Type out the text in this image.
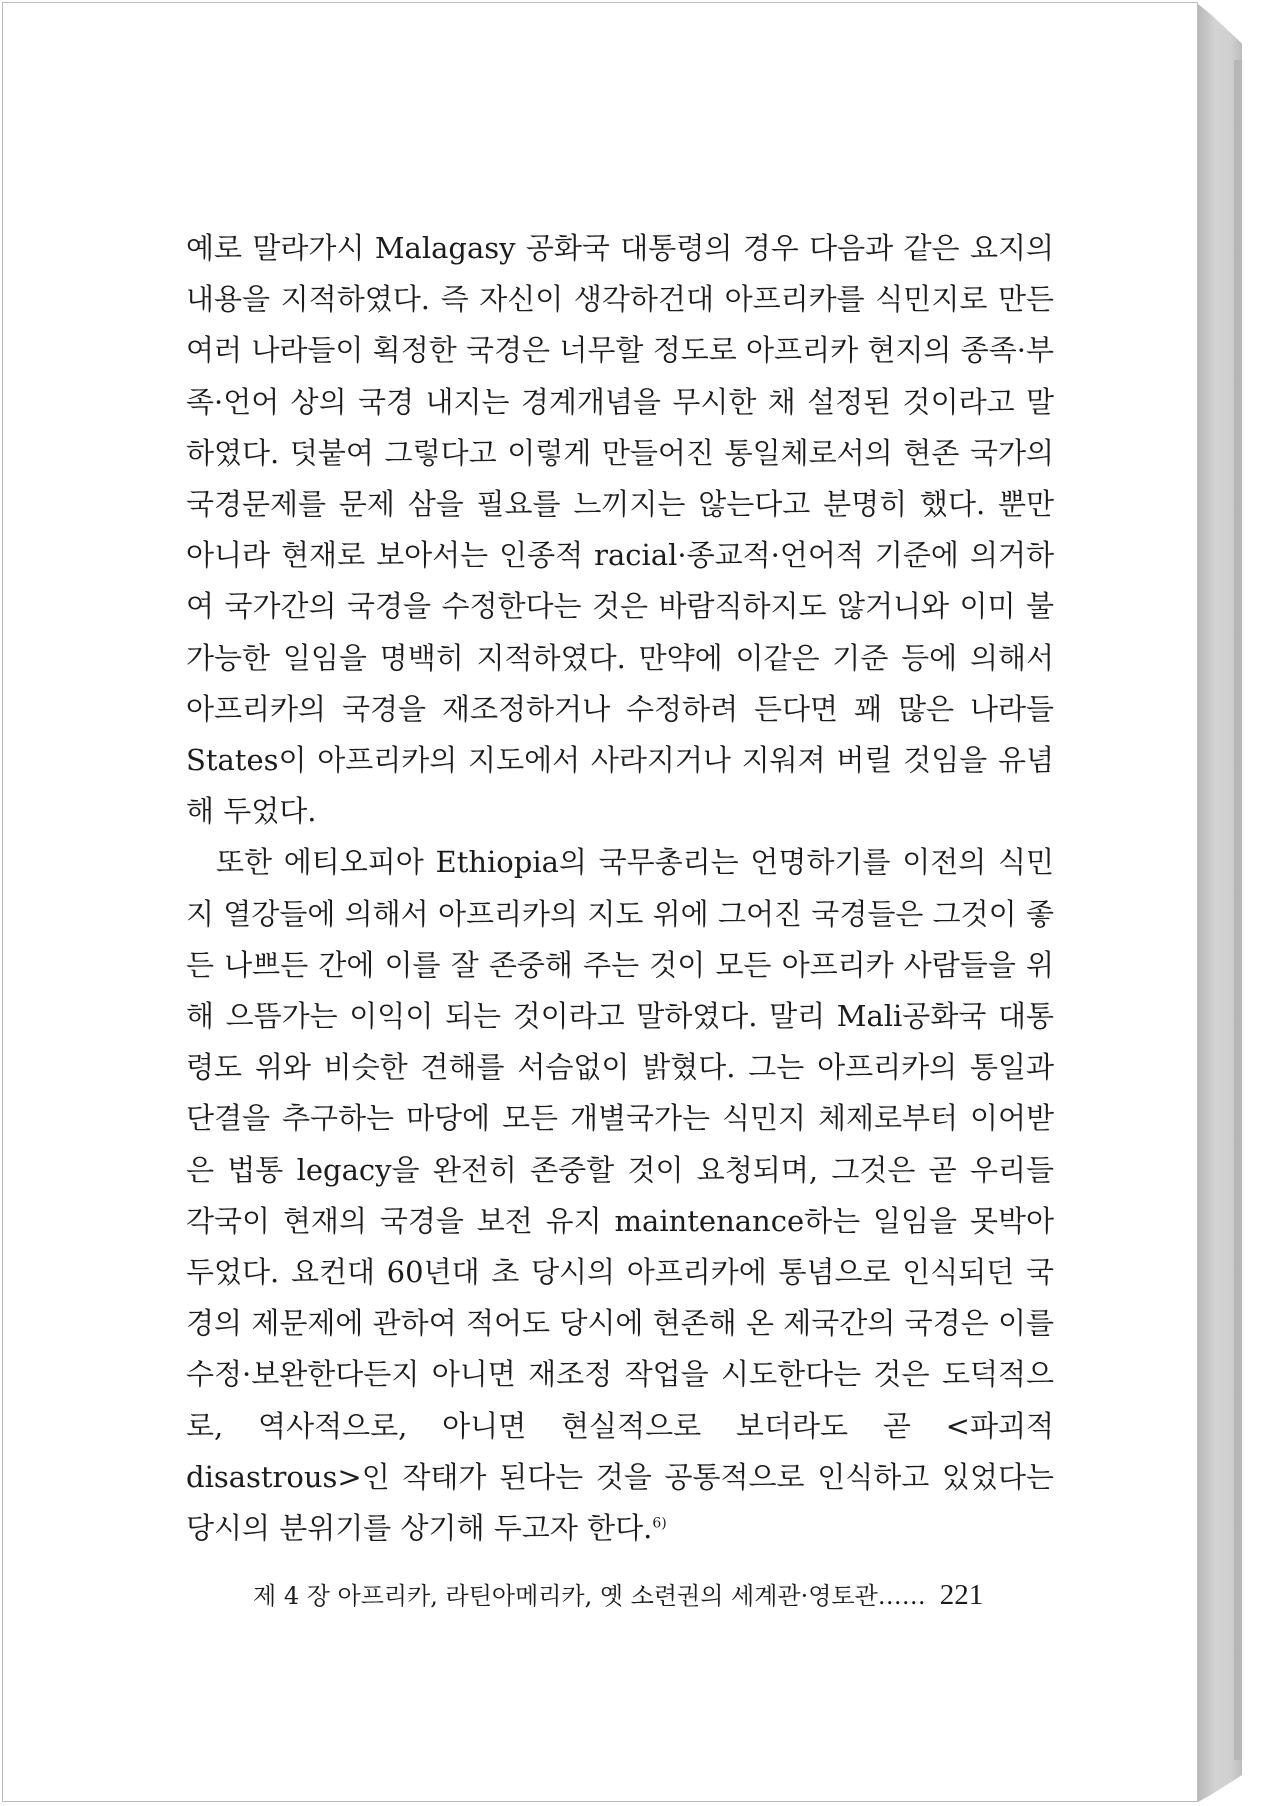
예로 말라가시 Malagasy 공화국 대통령의 경우 다음과 같은 요지의 내용을 지적하였다. 즉 자신이 생각하건대 아프리카를 식민지로 만든 여러 나라들이 획정한 국경은 너무할 정도로 아프리카 현지의 종족·부족·언어 상의 국경 내지는 경계개념을 무시한 채 설정된 것이라고 말하였다. 덧붙여 그렇다고 이렇게 만들어진 통일체로서의 현존 국가의 국경문제를 문제 삼을 필요를 느끼지는 않는다고 분명히 했다. 뿐만 아니라 현재로 보아서는 인종적 racial·종교적·언어적 기준에 의거하여 국가간의 국경을 수정한다는 것은 바람직하지도 않거니와 이미 불가능한 일임을 명백히 지적하였다. 만약에 이같은 기준 등에 의해서 아프리카의 국경을 재조정하거나 수정하려 든다면 꽤 많은 나라들 States이 아프리카의 지도에서 사라지거나 지워져 버릴 것임을 유념해 두었다.

또한 에티오피아 Ethiopia의 국무총리는 언명하기를 이전의 식민지 열강들에 의해서 아프리카의 지도 위에 그어진 국경들은 그것이 좋든 나쁘든 간에 이를 잘 존중해 주는 것이 모든 아프리카 사람들을 위해 으뜸가는 이익이 되는 것이라고 말하였다. 말리 Mali공화국 대통령도 위와 비슷한 견해를 서슴없이 밝혔다. 그는 아프리카의 통일과 단결을 추구하는 마당에 모든 개별국가는 식민지 체제로부터 이어받은 법통 legacy을 완전히 존중할 것이 요청되며, 그것은 곧 우리들 각국이 현재의 국경을 보전 유지 maintenance하는 일임을 못박아 두었다. 요컨대 60년대 초 당시의 아프리카에 통념으로 인식되던 국경의 제문제에 관하여 적어도 당시에 현존해 온 제국간의 국경은 이를 수정·보완한다든지 아니면 재조정 작업을 시도한다는 것은 도덕적으로, 역사적으로, 아니면 현실적으로 보더라도 곧 <파괴적 disastrous>인 작태가 된다는 것을 공통적으로 인식하고 있었다는 당시의 분위기를 상기해 두고자 한다.$^{6)}$

제 4 장 아프리카, 라틴아메리카, 옛 소련권의 세계관·영토관…… 221
